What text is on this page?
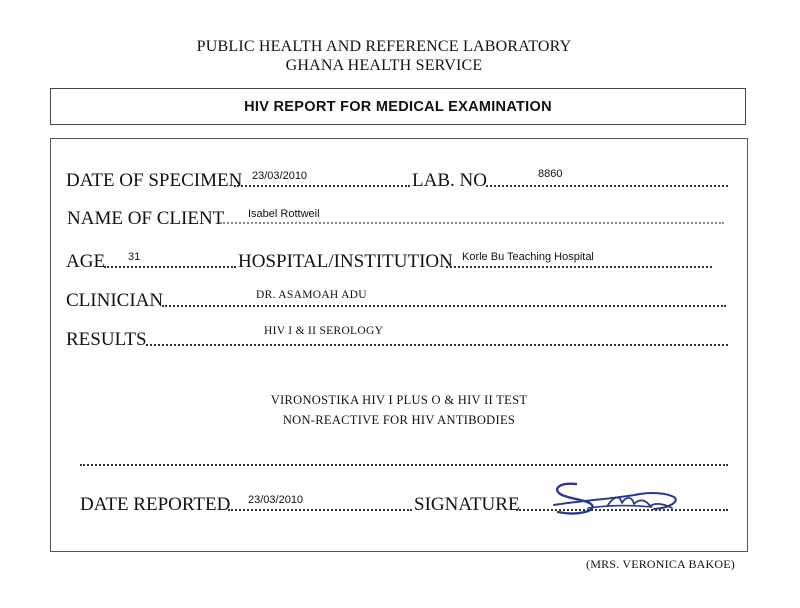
PUBLIC HEALTH AND REFERENCE LABORATORY
GHANA HEALTH SERVICE
HIV REPORT FOR MEDICAL EXAMINATION
DATE OF SPECIMEN 23/03/2010	LAB. NO	8860
NAME OF CLIENT Isabel Rottweil
AGE 31	HOSPITAL/INSTITUTION Korle Bu Teaching Hospital
CLINICIAN	DR. ASAMOAH ADU
RESULTS	HIV I & II SEROLOGY
VIRONOSTIKA HIV I PLUS O & HIV II TEST
NON-REACTIVE FOR HIV ANTIBODIES
DATE REPORTED 23/03/2010	SIGNATURE
(MRS. VERONICA BAKOE)
